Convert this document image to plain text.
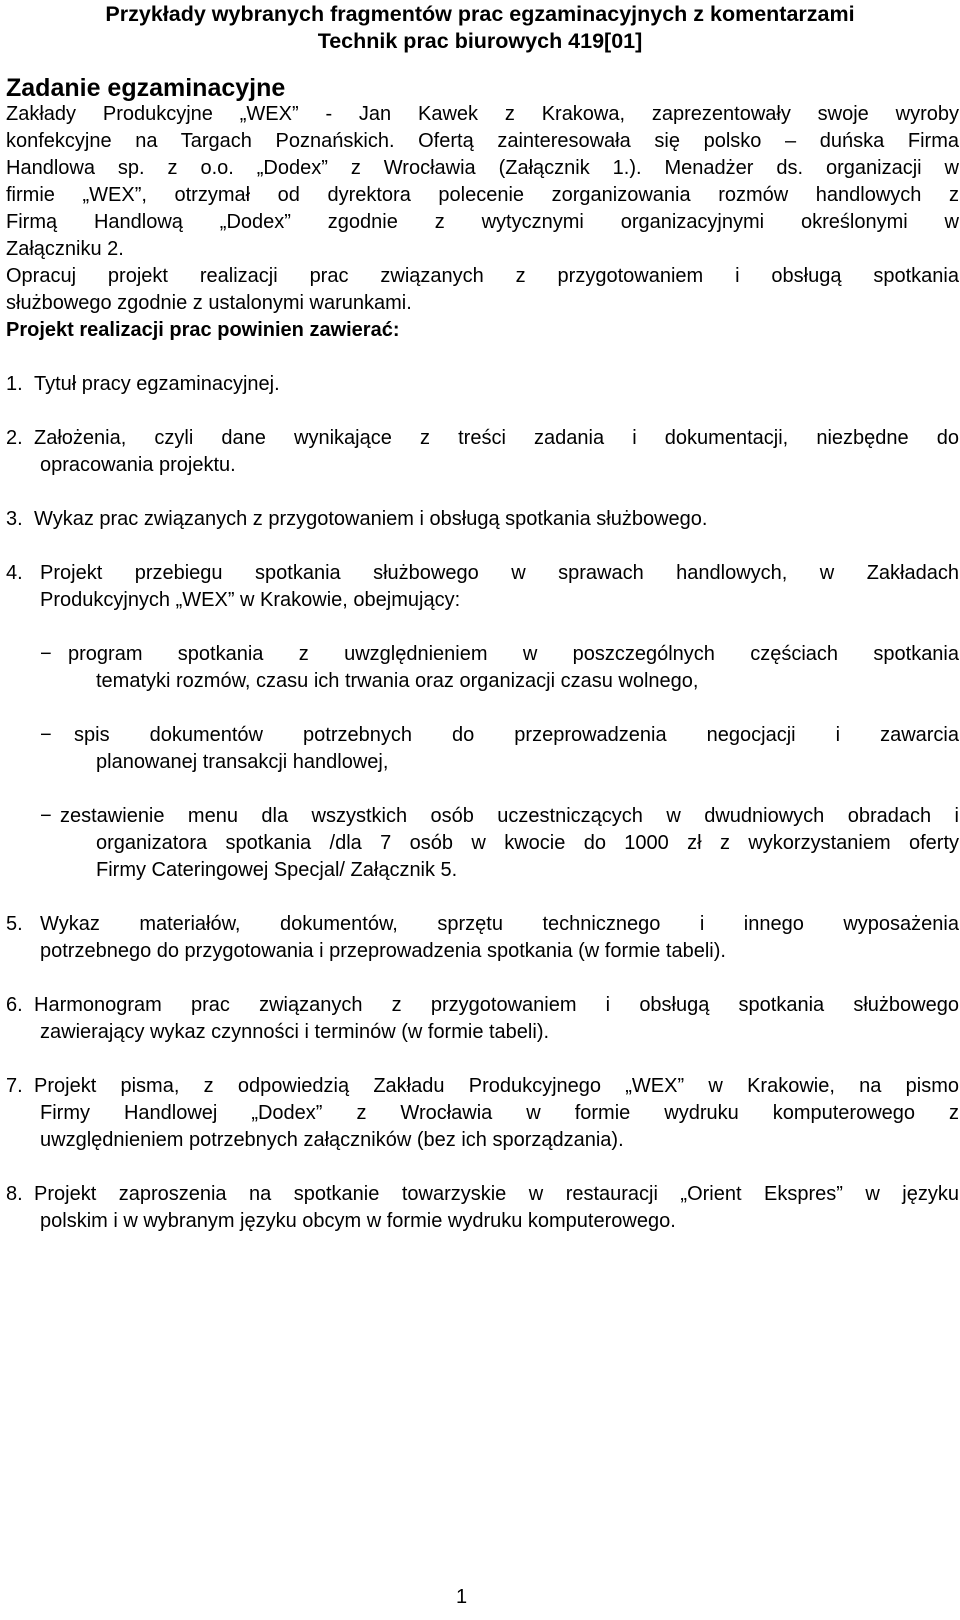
Przykłady wybranych fragmentów prac egzaminacyjnych z komentarzami
Technik prac biurowych 419[01]
Zadanie egzaminacyjne
Zakłady Produkcyjne „WEX” - Jan Kawek z Krakowa, zaprezentowały swoje wyroby
konfekcyjne na Targach Poznańskich. Ofertą zainteresowała się polsko – duńska Firma
Handlowa sp. z o.o. „Dodex” z Wrocławia (Załącznik 1.). Menadżer ds. organizacji w
firmie „WEX”, otrzymał od dyrektora polecenie zorganizowania rozmów handlowych z
Firmą Handlową „Dodex” zgodnie z wytycznymi organizacyjnymi określonymi w
Załączniku 2.
Opracuj projekt realizacji prac związanych z przygotowaniem i obsługą spotkania
służbowego zgodnie z ustalonymi warunkami.
Projekt realizacji prac powinien zawierać:
1. Tytuł pracy egzaminacyjnej.
2. Założenia, czyli dane wynikające z treści zadania i dokumentacji, niezbędne do
opracowania projektu.
3. Wykaz prac związanych z przygotowaniem i obsługą spotkania służbowego.
4. Projekt przebiegu spotkania służbowego w sprawach handlowych, w Zakładach
Produkcyjnych „WEX” w Krakowie, obejmujący:
− program spotkania z uwzględnieniem w poszczególnych częściach spotkania
tematyki rozmów, czasu ich trwania oraz organizacji czasu wolnego,
− spis dokumentów potrzebnych do przeprowadzenia negocjacji i zawarcia
planowanej transakcji handlowej,
− zestawienie menu dla wszystkich osób uczestniczących w dwudniowych obradach i
organizatora spotkania /dla 7 osób w kwocie do 1000 zł z wykorzystaniem oferty
Firmy Cateringowej Specjal/ Załącznik 5.
5. Wykaz materiałów, dokumentów, sprzętu technicznego i innego wyposażenia
potrzebnego do przygotowania i przeprowadzenia spotkania (w formie tabeli).
6. Harmonogram prac związanych z przygotowaniem i obsługą spotkania służbowego
zawierający wykaz czynności i terminów (w formie tabeli).
7. Projekt pisma, z odpowiedzią Zakładu Produkcyjnego „WEX” w Krakowie, na pismo
Firmy Handlowej „Dodex” z Wrocławia w formie wydruku komputerowego z
uwzględnieniem potrzebnych załączników (bez ich sporządzania).
8. Projekt zaproszenia na spotkanie towarzyskie w restauracji „Orient Ekspres” w języku
polskim i w wybranym języku obcym w formie wydruku komputerowego.
1
